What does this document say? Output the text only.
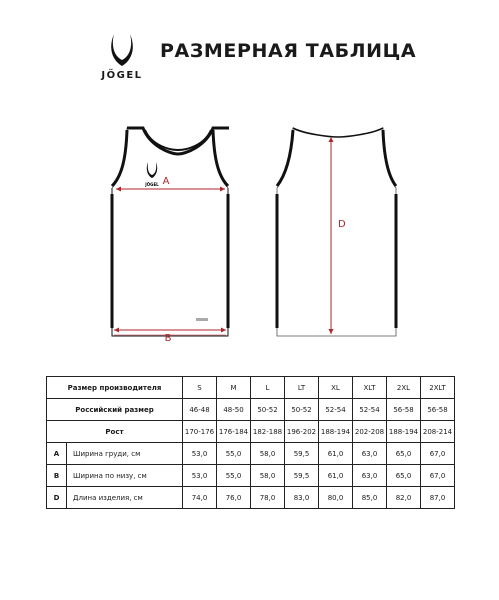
JÖGEL
РАЗМЕРНАЯ ТАБЛИЦА
JÖGEL A
B
D
Размер производителя		S	M	L	LT	XL	XLT	2XL	2XLT
Российский размер		46-48	48-50	50-52	50-52	52-54	52-54	56-58	56-58
Рост		170-176	176-184	182-188	196-202	188-194	202-208	188-194	208-214
A	Ширина груди, см	53,0	55,0	58,0	59,5	61,0	63,0	65,0	67,0
B	Ширина по низу, см	53,0	55,0	58,0	59,5	61,0	63,0	65,0	67,0
D	Длина изделия, см	74,0	76,0	78,0	83,0	80,0	85,0	82,0	87,0
